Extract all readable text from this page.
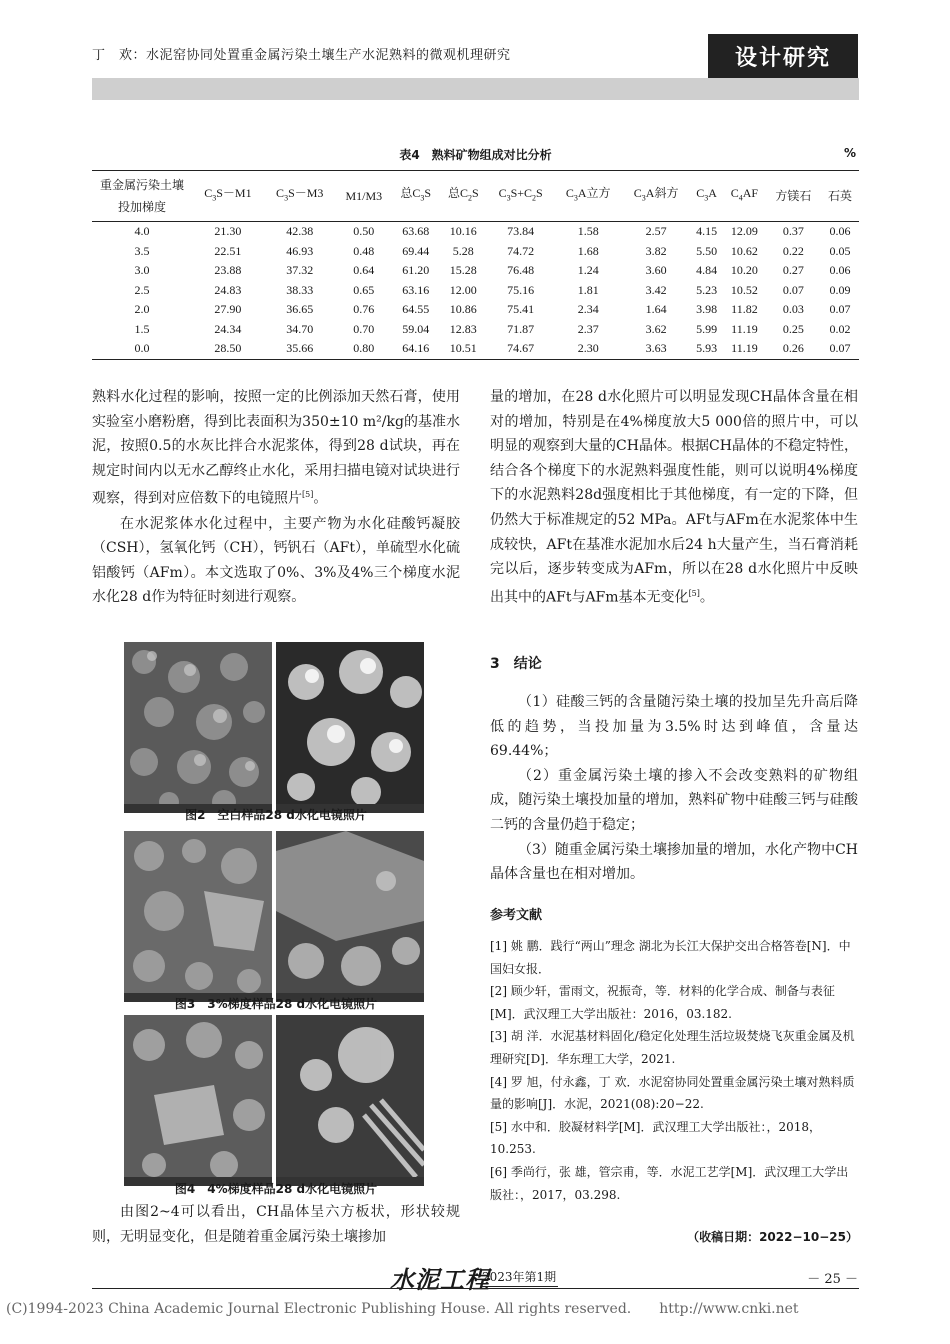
丁　欢：水泥窑协同处置重金属污染土壤生产水泥熟料的微观机理研究	设计研究
表4　熟料矿物组成对比分析	%
重金属污染土壤投加梯度	$C_3S-M1$	$C_3S-M3$	M1/M3	总$C_3S$	总$C_2S$	$C_3S+C_2S$	$C_3A$立方	$C_3A$斜方	$C_3A$	$C_4AF$	方镁石	石英
4.0	21.30	42.38	0.50	63.68	10.16	73.84	1.58	2.57	4.15	12.09	0.37	0.06
3.5	22.51	46.93	0.48	69.44	5.28	74.72	1.68	3.82	5.50	10.62	0.22	0.05
3.0	23.88	37.32	0.64	61.20	15.28	76.48	1.24	3.60	4.84	10.20	0.27	0.06
2.5	24.83	38.33	0.65	63.16	12.00	75.16	1.81	3.42	5.23	10.52	0.07	0.09
2.0	27.90	36.65	0.76	64.55	10.86	75.41	2.34	1.64	3.98	11.82	0.03	0.07
1.5	24.34	34.70	0.70	59.04	12.83	71.87	2.37	3.62	5.99	11.19	0.25	0.02
0.0	28.50	35.66	0.80	64.16	10.51	74.67	2.30	3.63	5.93	11.19	0.26	0.07

熟料水化过程的影响，按照一定的比例添加天然石膏，使用实验室小磨粉磨，得到比表面积为350±10 m²/kg的基准水泥，按照0.5的水灰比拌合水泥浆体，得到28 d试块，再在规定时间内以无水乙醇终止水化，采用扫描电镜对试块进行观察，得到对应倍数下的电镜照片[5]。

在水泥浆体水化过程中，主要产物为水化硅酸钙凝胶（CSH），氢氧化钙（CH），钙钒石（AFt），单硫型水化硫铝酸钙（AFm）。本文选取了0%、3%及4%三个梯度水泥水化28 d作为特征时刻进行观察。

图2　空白样品28 d水化电镜照片
图3　3%梯度样品28 d水化电镜照片
图4　4%梯度样品28 d水化电镜照片

由图2~4可以看出，CH晶体呈六方板状，形状较规则，无明显变化，但是随着重金属污染土壤掺加

量的增加，在28 d水化照片可以明显发现CH晶体含量在相对的增加，特别是在4%梯度放大5 000倍的照片中，可以明显的观察到大量的CH晶体。根据CH晶体的不稳定特性，结合各个梯度下的水泥熟料强度性能，则可以说明4%梯度下的水泥熟料28d强度相比于其他梯度，有一定的下降，但仍然大于标准规定的52 MPa。AFt与AFm在水泥浆体中生成较快，AFt在基准水泥加水后24 h大量产生，当石膏消耗完以后，逐步转变成为AFm，所以在28 d水化照片中反映出其中的AFt与AFm基本无变化[5]。

3　结论

（1）硅酸三钙的含量随污染土壤的投加呈先升高后降低的趋势，当投加量为3.5%时达到峰值，含量达69.44%；

（2）重金属污染土壤的掺入不会改变熟料的矿物组成，随污染土壤投加量的增加，熟料矿物中硅酸三钙与硅酸二钙的含量仍趋于稳定；

（3）随重金属污染土壤掺加量的增加，水化产物中CH晶体含量也在相对增加。

参考文献

[1] 姚 鹏．践行“两山”理念 湖北为长江大保护交出合格答卷[N]．中国妇女报．

[2] 顾少轩，雷雨文，祝振奇，等．材料的化学合成、制备与表征[M]．武汉理工大学出版社：2016，03.182.

[3] 胡 洋．水泥基材料固化/稳定化处理生活垃圾焚烧飞灰重金属及机理研究[D]．华东理工大学，2021.

[4] 罗 旭，付永鑫，丁 欢．水泥窑协同处置重金属污染土壤对熟料质量的影响[J]．水泥，2021(08):20−22.

[5] 水中和．胶凝材料学[M]．武汉理工大学出版社：，2018，10.253.

[6] 季尚行，张 雄，管宗甫，等．水泥工艺学[M]．武汉理工大学出版社：，2017，03.298.

（收稿日期：2022−10−25）
水泥工程
2023年第1期	－ 25 －
(C)1994-2023 China Academic Journal Electronic Publishing House. All rights reserved.　　http://www.cnki.net
